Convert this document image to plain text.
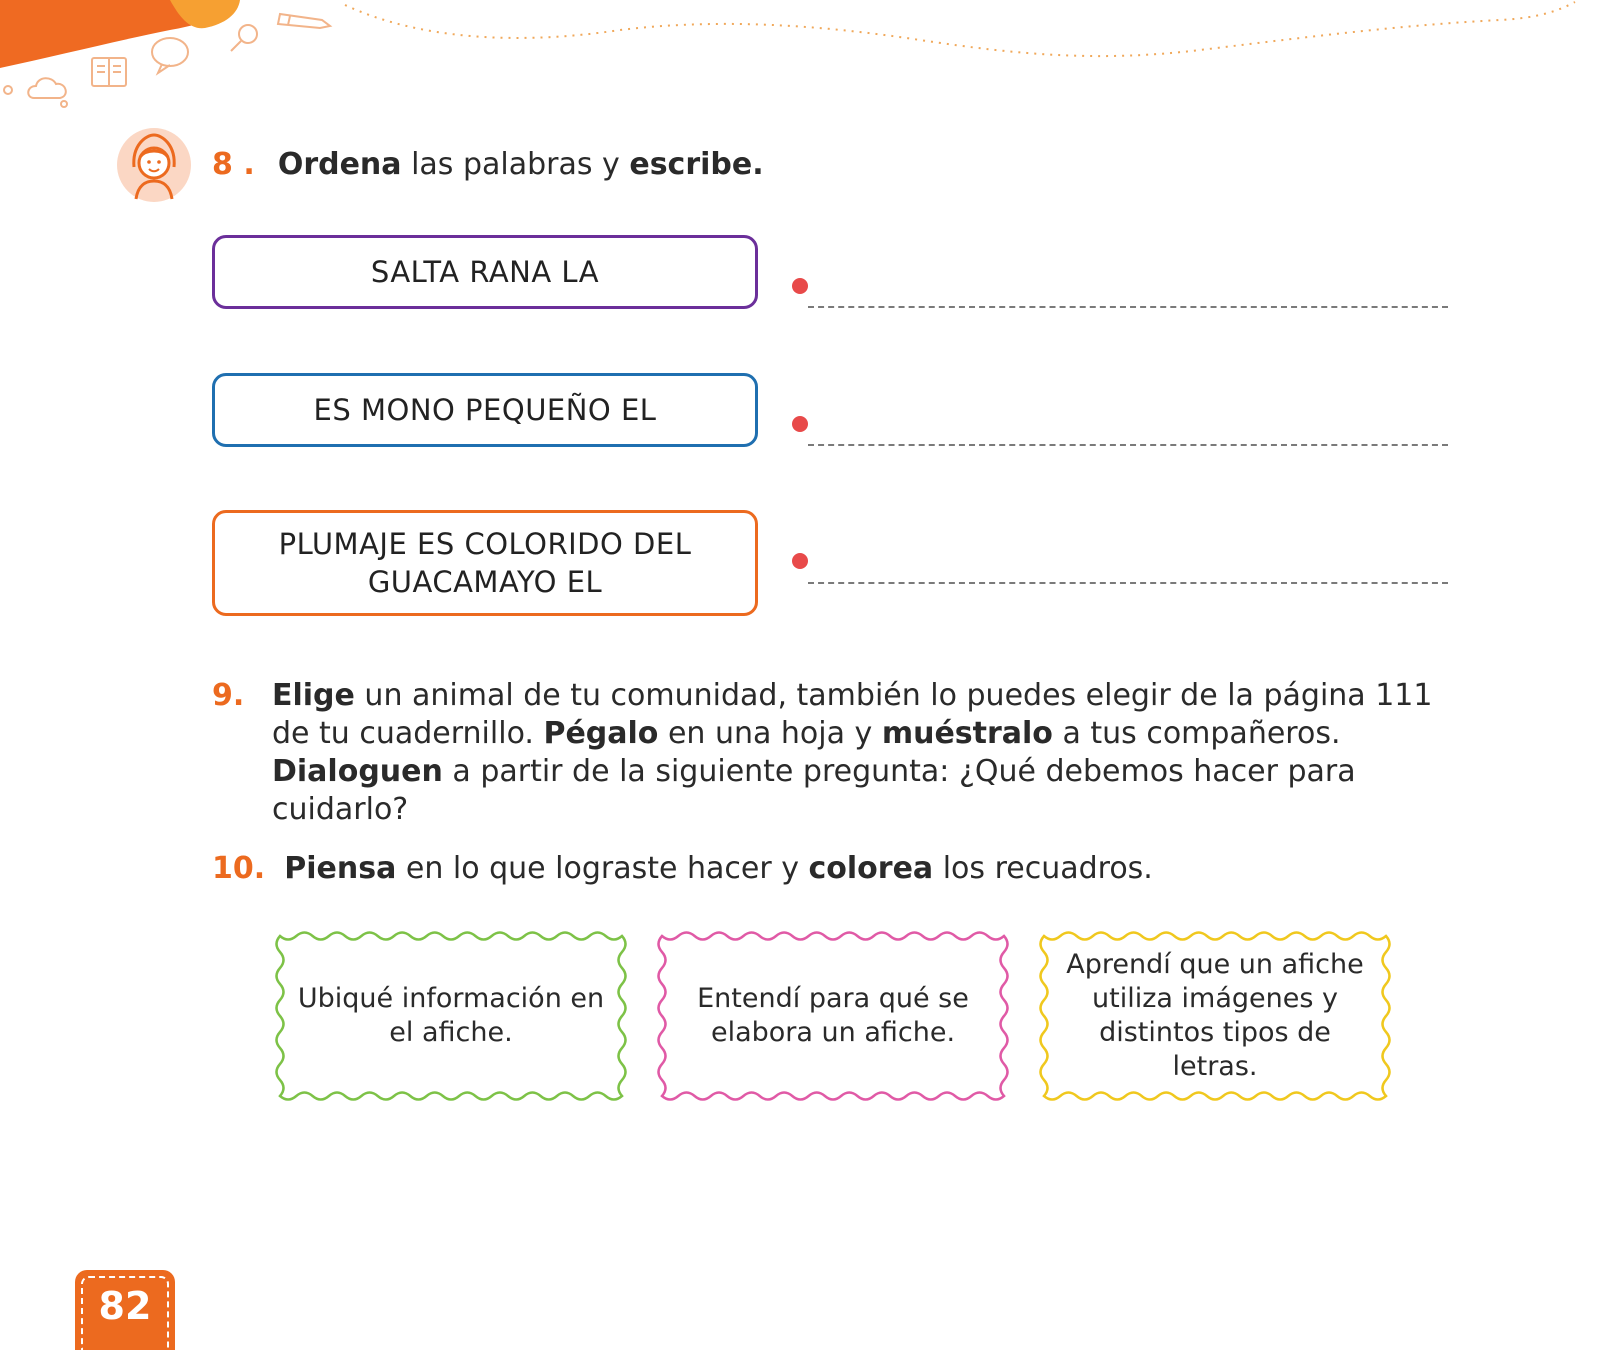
8 . Ordena las palabras y escribe.
SALTA RANA LA
ES MONO PEQUEÑO EL
PLUMAJE ES COLORIDO DEL
GUACAMAYO EL
9. Elige un animal de tu comunidad, también lo puedes elegir de la página 111 de tu cuadernillo. Pégalo en una hoja y muéstralo a tus compañeros. Dialoguen a partir de la siguiente pregunta: ¿Qué debemos hacer para cuidarlo?
10. Piensa en lo que lograste hacer y colorea los recuadros.
Ubiqué información en el afiche.
Entendí para qué se elabora un afiche.
Aprendí que un afiche utiliza imágenes y distintos tipos de letras.
82
